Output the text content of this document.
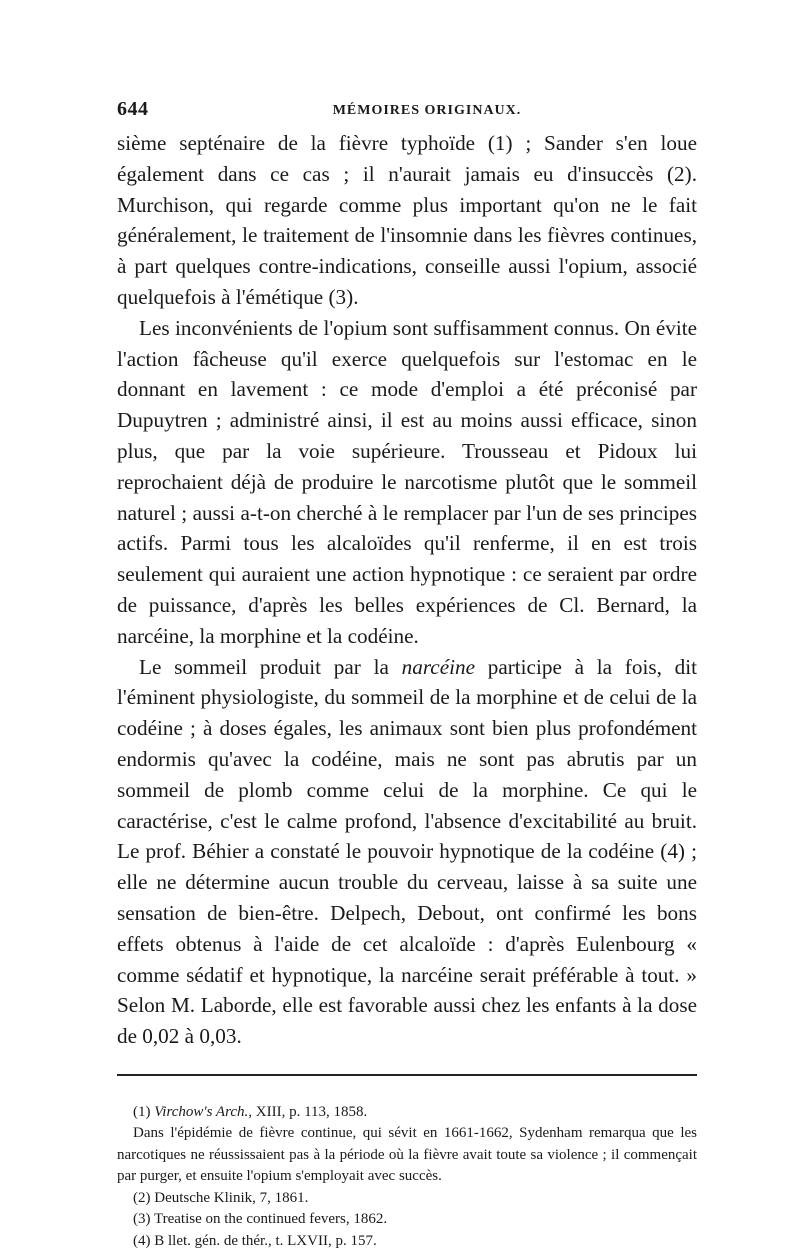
644	MÉMOIRES ORIGINAUX.

sième septénaire de la fièvre typhoïde (1) ; Sander s'en loue également dans ce cas ; il n'aurait jamais eu d'insuccès (2). Murchison, qui regarde comme plus important qu'on ne le fait généralement, le traitement de l'insomnie dans les fièvres continues, à part quelques contre-indications, conseille aussi l'opium, associé quelquefois à l'émétique (3).

Les inconvénients de l'opium sont suffisamment connus. On évite l'action fâcheuse qu'il exerce quelquefois sur l'estomac en le donnant en lavement : ce mode d'emploi a été préconisé par Dupuytren ; administré ainsi, il est au moins aussi efficace, sinon plus, que par la voie supérieure. Trousseau et Pidoux lui reprochaient déjà de produire le narcotisme plutôt que le sommeil naturel ; aussi a-t-on cherché à le remplacer par l'un de ses principes actifs. Parmi tous les alcaloïdes qu'il renferme, il en est trois seulement qui auraient une action hypnotique : ce seraient par ordre de puissance, d'après les belles expériences de Cl. Bernard, la narcéine, la morphine et la codéine.

Le sommeil produit par la narcéine participe à la fois, dit l'éminent physiologiste, du sommeil de la morphine et de celui de la codéine ; à doses égales, les animaux sont bien plus profondément endormis qu'avec la codéine, mais ne sont pas abrutis par un sommeil de plomb comme celui de la morphine. Ce qui le caractérise, c'est le calme profond, l'absence d'excitabilité au bruit. Le prof. Béhier a constaté le pouvoir hypnotique de la codéine (4) ; elle ne détermine aucun trouble du cerveau, laisse à sa suite une sensation de bien-être. Delpech, Debout, ont confirmé les bons effets obtenus à l'aide de cet alcaloïde : d'après Eulenbourg « comme sédatif et hypnotique, la narcéine serait préférable à tout. » Selon M. Laborde, elle est favorable aussi chez les enfants à la dose de 0,02 à 0,03.

(1) Virchow's Arch., XIII, p. 113, 1858.

Dans l'épidémie de fièvre continue, qui sévit en 1661-1662, Sydenham remarqua que les narcotiques ne réussissaient pas à la période où la fièvre avait toute sa violence ; il commençait par purger, et ensuite l'opium s'employait avec succès.

(2) Deutsche Klinik, 7, 1861.

(3) Treatise on the continued fevers, 1862.

(4) B llet. gén. de thér., t. LXVII, p. 157.
